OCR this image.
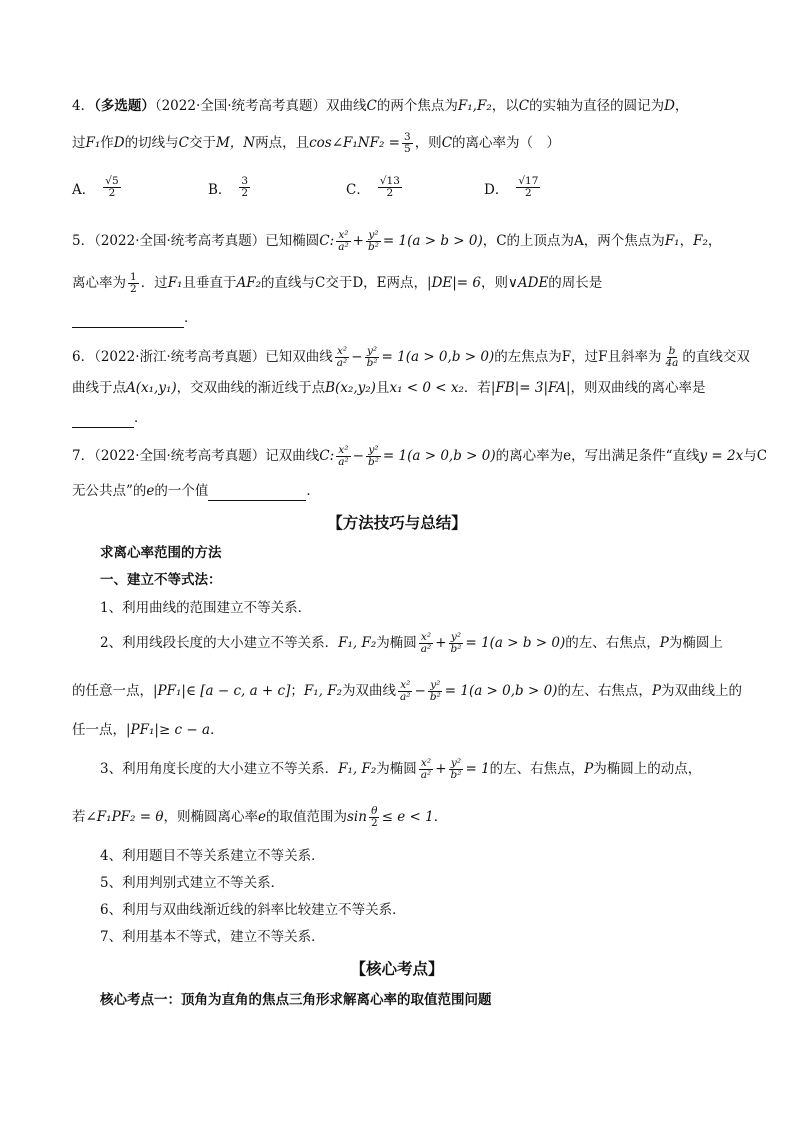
4．（多选题）（2022·全国·统考高考真题）双曲线C的两个焦点为F₁,F₂，以C的实轴为直径的圆记为D，
过F₁作D的切线与C交于M，N两点，且cos∠F₁NF₂ = $\frac{3}{5}$ ，则C的离心率为（　）
A． $\frac{√5}{2}$	B． $\frac{3}{2}$	C． $\frac{√13}{2}$	D． $\frac{√17}{2}$
5．（2022·全国·统考高考真题）已知椭圆C: $\frac{\text{x²}}{\text{a²}} + \frac{\text{y²}}{\text{b²}} = 1(a > b > 0)$，C的上顶点为A，两个焦点为F₁，F₂，
离心率为 $\frac{1}{2}$ ．过F₁且垂直于AF₂的直线与C交于D，E两点，|DE|= 6，则∨ADE的周长是
．
6．（2022·浙江·统考高考真题）已知双曲线 $\frac{\text{x²}}{\text{a²}} - \frac{\text{y²}}{\text{b²}} = 1(a > 0,b > 0)$的左焦点为F，过F且斜率为 $\frac{b}{4a}$ 的直线交双
曲线于点A(x₁,y₁)，交双曲线的渐近线于点B(x₂,y₂)且x₁ < 0 < x₂．若|FB|= 3|FA|，则双曲线的离心率是
．
7．（2022·全国·统考高考真题）记双曲线C: $\frac{\text{x²}}{\text{a²}} - \frac{\text{y²}}{\text{b²}} = 1(a > 0,b > 0)$的离心率为e，写出满足条件“直线y = 2x与C
无公共点”的e的一个值	．
【方法技巧与总结】
求离心率范围的方法
一、建立不等式法：
1、利用曲线的范围建立不等关系．
2、利用线段长度的大小建立不等关系．F₁, F₂为椭圆 $\frac{\text{x²}}{\text{a²}} + \frac{\text{y²}}{\text{b²}} = 1(a > b > 0)$的左、右焦点，P为椭圆上
的任意一点，|PF₁|∈ [a − c, a + c]；F₁, F₂为双曲线 $\frac{\text{x²}}{\text{a²}} - \frac{\text{y²}}{\text{b²}} = 1(a > 0,b > 0)$的左、右焦点，P为双曲线上的
任一点，|PF₁|≥ c − a．
3、利用角度长度的大小建立不等关系．F₁, F₂为椭圆 $\frac{\text{x²}}{\text{a²}} + \frac{\text{y²}}{\text{b²}} = 1$的左、右焦点，P为椭圆上的动点，
若∠F₁PF₂ = θ，则椭圆离心率e的取值范围为$\sin \frac{\theta}{2} \le e < 1$．
4、利用题目不等关系建立不等关系．
5、利用判别式建立不等关系．
6、利用与双曲线渐近线的斜率比较建立不等关系．
7、利用基本不等式，建立不等关系．
【核心考点】
核心考点一：顶角为直角的焦点三角形求解离心率的取值范围问题
